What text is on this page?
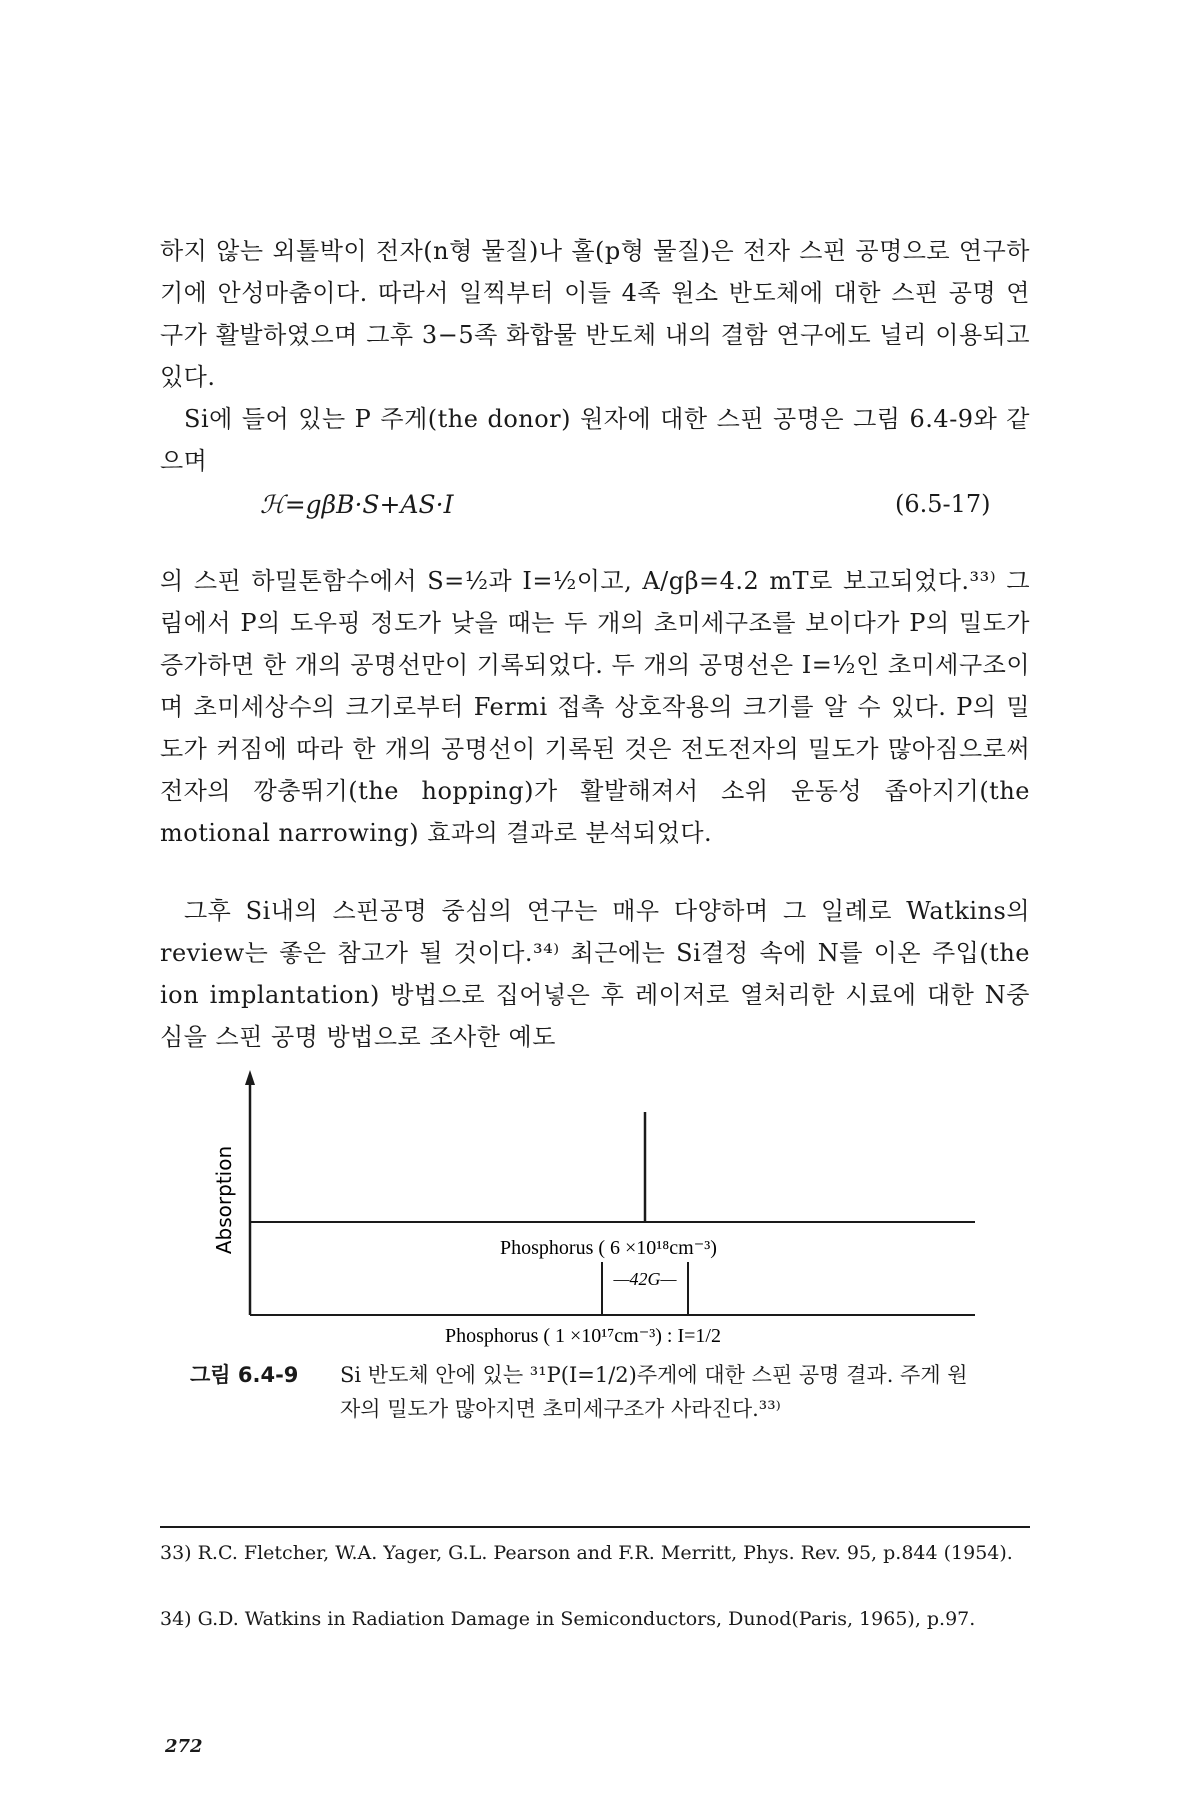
하지 않는 외톨박이 전자(n형 물질)나 홀(p형 물질)은 전자 스핀 공명으로 연구하기에 안성마춤이다. 따라서 일찍부터 이들 4족 원소 반도체에 대한 스핀 공명 연구가 활발하였으며 그후 3−5족 화합물 반도체 내의 결함 연구에도 널리 이용되고 있다.

Si에 들어 있는 P 주게(the donor) 원자에 대한 스핀 공명은 그림 6.4-9와 같으며

ℋ=gβB·S+AS·I	(6.5-17)

의 스핀 하밀톤함수에서 S=½과 I=½이고, A/gβ=4.2 mT로 보고되었다.³³⁾ 그림에서 P의 도우핑 정도가 낮을 때는 두 개의 초미세구조를 보이다가 P의 밀도가 증가하면 한 개의 공명선만이 기록되었다. 두 개의 공명선은 I=½인 초미세구조이며 초미세상수의 크기로부터 Fermi 접촉 상호작용의 크기를 알 수 있다. P의 밀도가 커짐에 따라 한 개의 공명선이 기록된 것은 전도전자의 밀도가 많아짐으로써 전자의 깡충뛰기(the hopping)가 활발해져서 소위 운동성 좁아지기(the motional narrowing) 효과의 결과로 분석되었다.

그후 Si내의 스핀공명 중심의 연구는 매우 다양하며 그 일례로 Watkins의 review는 좋은 참고가 될 것이다.³⁴⁾ 최근에는 Si결정 속에 N를 이온 주입(the ion implantation) 방법으로 집어넣은 후 레이저로 열처리한 시료에 대한 N중심을 스핀 공명 방법으로 조사한 예도

Absorption	Phosphorus ( 6 ×10¹⁸cm⁻³)
—42G—
Phosphorus ( 1 ×10¹⁷cm⁻³) : I=1/2
그림 6.4-9 Si 반도체 안에 있는 ³¹P(I=1/2)주게에 대한 스핀 공명 결과. 주게 원자의 밀도가 많아지면 초미세구조가 사라진다.³³⁾
33) R.C. Fletcher, W.A. Yager, G.L. Pearson and F.R. Merritt, Phys. Rev. 95, p.844 (1954).
34) G.D. Watkins in Radiation Damage in Semiconductors, Dunod(Paris, 1965), p.97.
272
